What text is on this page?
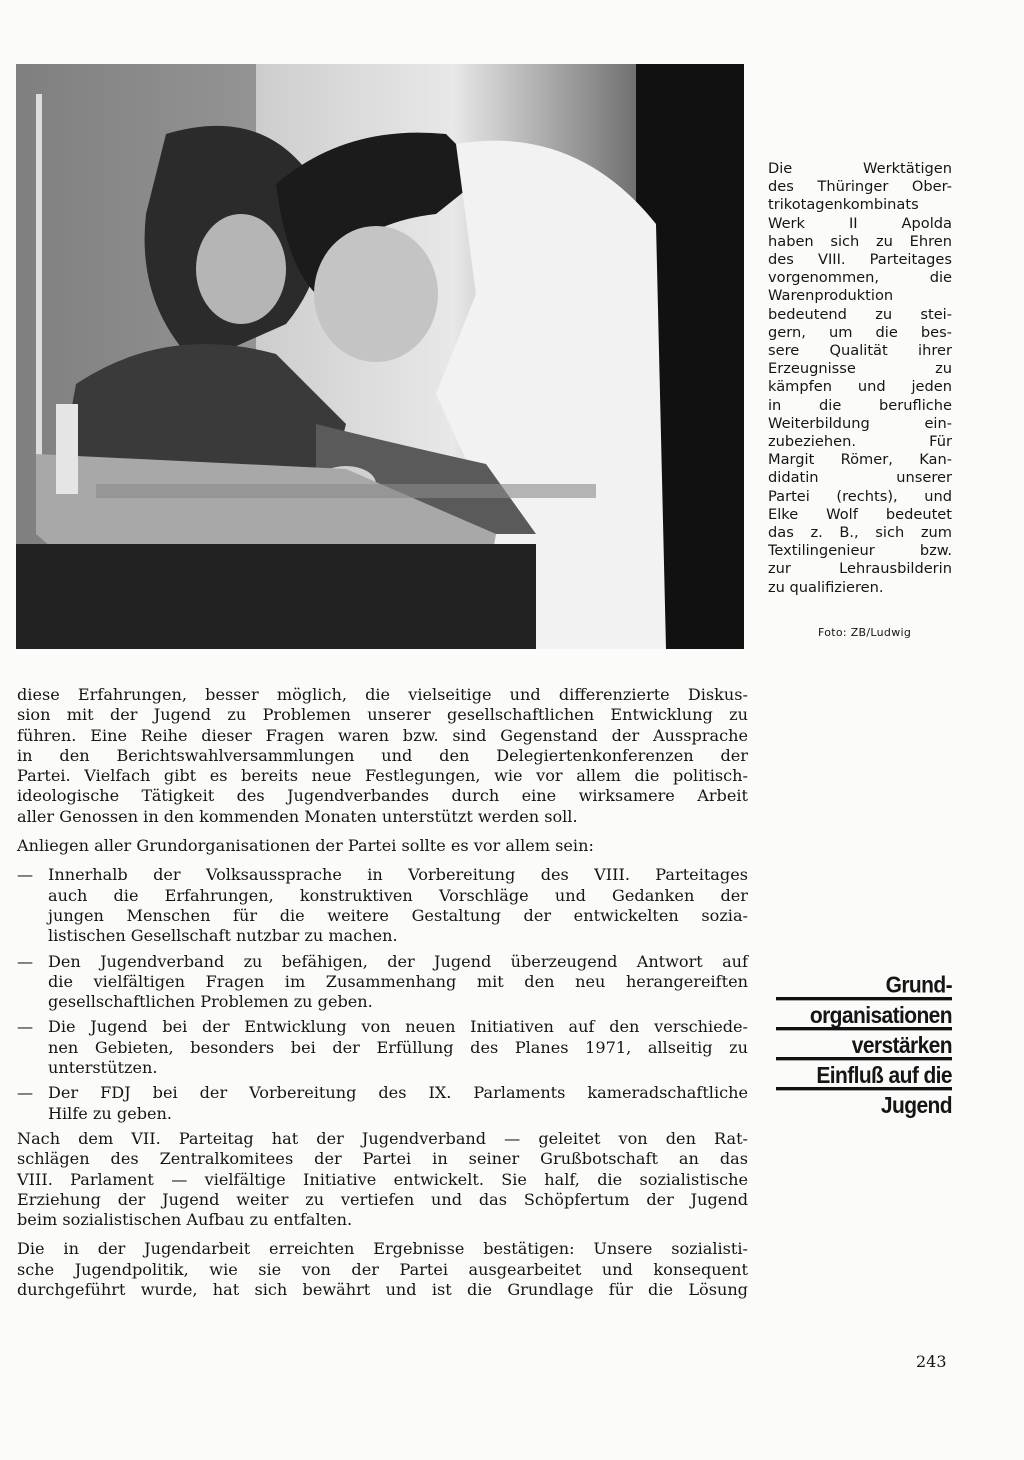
Die Werktätigen
des Thüringer Ober-
trikotagenkombinats
Werk II Apolda
haben sich zu Ehren
des VIII. Parteitages
vorgenommen, die
Warenproduktion
bedeutend zu stei-
gern, um die bes-
sere Qualität ihrer
Erzeugnisse zu
kämpfen und jeden
in die berufliche
Weiterbildung ein-
zubeziehen. Für
Margit Römer, Kan-
didatin unserer
Partei (rechts), und
Elke Wolf bedeutet
das z. B., sich zum
Textilingenieur bzw.
zur Lehrausbilderin
zu qualifizieren.
Foto: ZB/Ludwig

diese Erfahrungen, besser möglich, die vielseitige und differenzierte Diskus-
sion mit der Jugend zu Problemen unserer gesellschaftlichen Entwicklung zu
führen. Eine Reihe dieser Fragen waren bzw. sind Gegenstand der Aussprache
in den Berichtswahlversammlungen und den Delegiertenkonferenzen der
Partei. Vielfach gibt es bereits neue Festlegungen, wie vor allem die politisch-
ideologische Tätigkeit des Jugendverbandes durch eine wirksamere Arbeit
aller Genossen in den kommenden Monaten unterstützt werden soll.

Anliegen aller Grundorganisationen der Partei sollte es vor allem sein:

— Innerhalb der Volksaussprache in Vorbereitung des VIII. Parteitages
auch die Erfahrungen, konstruktiven Vorschläge und Gedanken der
jungen Menschen für die weitere Gestaltung der entwickelten sozia-
listischen Gesellschaft nutzbar zu machen.
— Den Jugendverband zu befähigen, der Jugend überzeugend Antwort auf
die vielfältigen Fragen im Zusammenhang mit den neu herangereiften
gesellschaftlichen Problemen zu geben.
— Die Jugend bei der Entwicklung von neuen Initiativen auf den verschiede-
nen Gebieten, besonders bei der Erfüllung des Planes 1971, allseitig zu
unterstützen.
— Der FDJ bei der Vorbereitung des IX. Parlaments kameradschaftliche
Hilfe zu geben.

Nach dem VII. Parteitag hat der Jugendverband — geleitet von den Rat-
schlägen des Zentralkomitees der Partei in seiner Grußbotschaft an das
VIII. Parlament — vielfältige Initiative entwickelt. Sie half, die sozialistische
Erziehung der Jugend weiter zu vertiefen und das Schöpfertum der Jugend
beim sozialistischen Aufbau zu entfalten.

Die in der Jugendarbeit erreichten Ergebnisse bestätigen: Unsere sozialisti-
sche Jugendpolitik, wie sie von der Partei ausgearbeitet und konsequent
durchgeführt wurde, hat sich bewährt und ist die Grundlage für die Lösung

Grund-
organisationen
verstärken
Einfluß auf die
Jugend
243
